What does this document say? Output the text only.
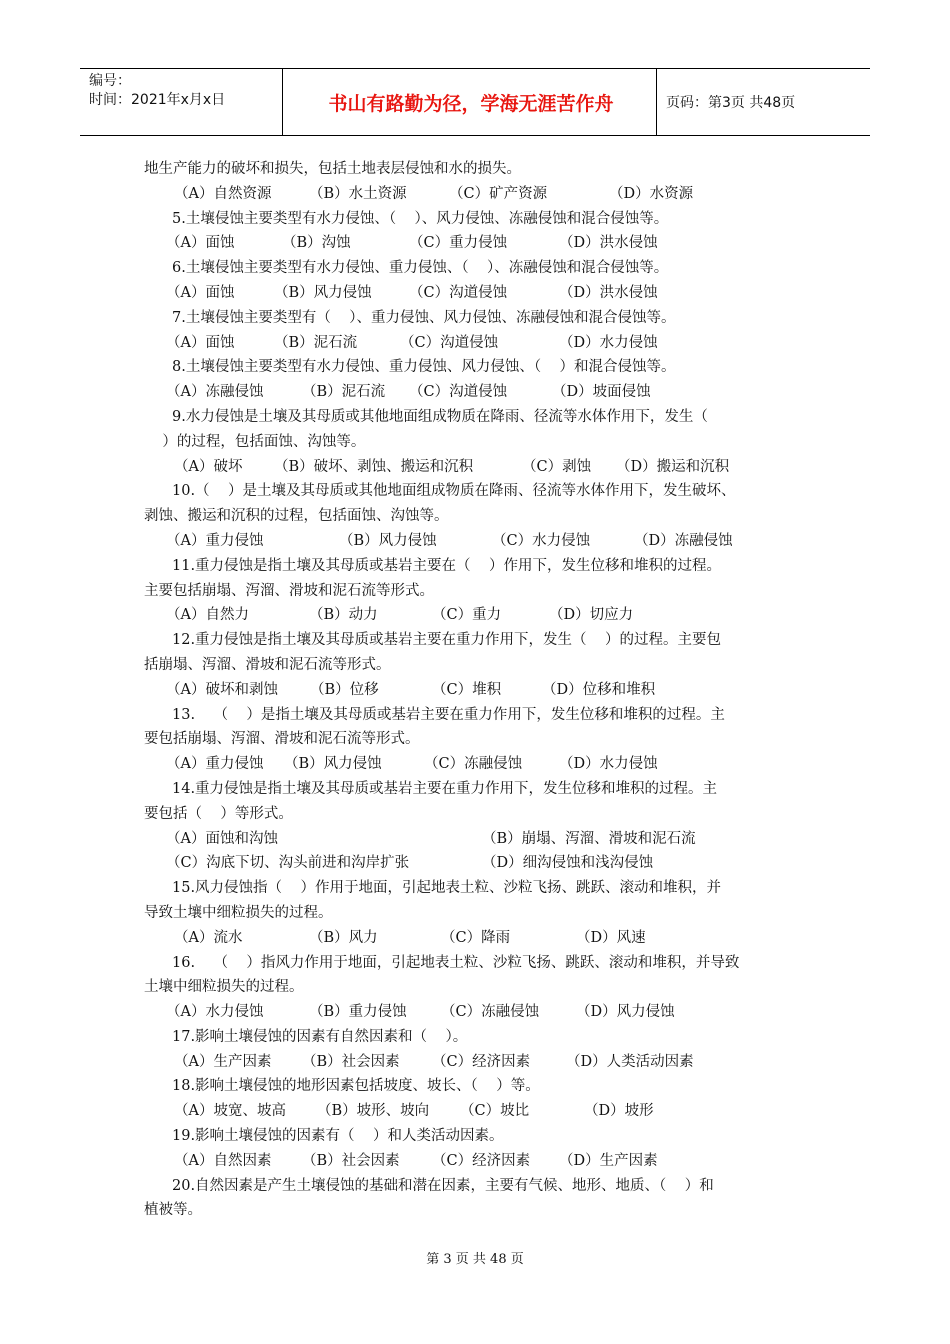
编号：
时间：2021年x月x日	书山有路勤为径，学海无涯苦作舟	页码：第3页 共48页
地生产能力的破坏和损失，包括土地表层侵蚀和水的损失。
（A）自然资源	（B）水土资源	（C）矿产资源	（D）水资源
5.土壤侵蚀主要类型有水力侵蚀、（    ）、风力侵蚀、冻融侵蚀和混合侵蚀等。
（A）面蚀	（B）沟蚀	（C）重力侵蚀	（D）洪水侵蚀
6.土壤侵蚀主要类型有水力侵蚀、重力侵蚀、（    ）、冻融侵蚀和混合侵蚀等。
（A）面蚀	（B）风力侵蚀	（C）沟道侵蚀	（D）洪水侵蚀
7.土壤侵蚀主要类型有（    ）、重力侵蚀、风力侵蚀、冻融侵蚀和混合侵蚀等。
（A）面蚀	（B）泥石流	（C）沟道侵蚀	（D）水力侵蚀
8.土壤侵蚀主要类型有水力侵蚀、重力侵蚀、风力侵蚀、（    ）和混合侵蚀等。
（A）冻融侵蚀	（B）泥石流 （C）沟道侵蚀	（D）坡面侵蚀
9.水力侵蚀是土壤及其母质或其他地面组成物质在降雨、径流等水体作用下，发生（
）的过程，包括面蚀、沟蚀等。
（A）破坏 （B）破坏、剥蚀、搬运和沉积	（C）剥蚀 （D）搬运和沉积
10.（    ）是土壤及其母质或其他地面组成物质在降雨、径流等水体作用下，发生破坏、
剥蚀、搬运和沉积的过程，包括面蚀、沟蚀等。
（A）重力侵蚀	（B）风力侵蚀	（C）水力侵蚀	（D）冻融侵蚀
11.重力侵蚀是指土壤及其母质或基岩主要在（    ）作用下，发生位移和堆积的过程。
主要包括崩塌、泻溜、滑坡和泥石流等形式。
（A）自然力	（B）动力	（C）重力	（D）切应力
12.重力侵蚀是指土壤及其母质或基岩主要在重力作用下，发生（    ）的过程。主要包
括崩塌、泻溜、滑坡和泥石流等形式。
（A）破坏和剥蚀 （B）位移	（C）堆积	（D）位移和堆积
13.    （    ）是指土壤及其母质或基岩主要在重力作用下，发生位移和堆积的过程。主
要包括崩塌、泻溜、滑坡和泥石流等形式。
（A）重力侵蚀 （B）风力侵蚀	（C）冻融侵蚀	（D）水力侵蚀
14.重力侵蚀是指土壤及其母质或基岩主要在重力作用下，发生位移和堆积的过程。主
要包括（    ）等形式。
（A）面蚀和沟蚀	（B）崩塌、泻溜、滑坡和泥石流
（C）沟底下切、沟头前进和沟岸扩张	（D）细沟侵蚀和浅沟侵蚀
15.风力侵蚀指（    ）作用于地面，引起地表土粒、沙粒飞扬、跳跃、滚动和堆积，并
导致土壤中细粒损失的过程。
（A）流水	（B）风力	（C）降雨	（D）风速
16.    （    ）指风力作用于地面，引起地表土粒、沙粒飞扬、跳跃、滚动和堆积，并导致
土壤中细粒损失的过程。
（A）水力侵蚀	（B）重力侵蚀 （C）冻融侵蚀	（D）风力侵蚀
17.影响土壤侵蚀的因素有自然因素和（    ）。
（A）生产因素 （B）社会因素 （C）经济因素 （D）人类活动因素
18.影响土壤侵蚀的地形因素包括坡度、坡长、（    ）等。
（A）坡宽、坡高 （B）坡形、坡向 （C）坡比	（D）坡形
19.影响土壤侵蚀的因素有（    ）和人类活动因素。
（A）自然因素 （B）社会因素 （C）经济因素 （D）生产因素
20.自然因素是产生土壤侵蚀的基础和潜在因素，主要有气候、地形、地质、（    ）和
植被等。
第 3 页 共 48 页
